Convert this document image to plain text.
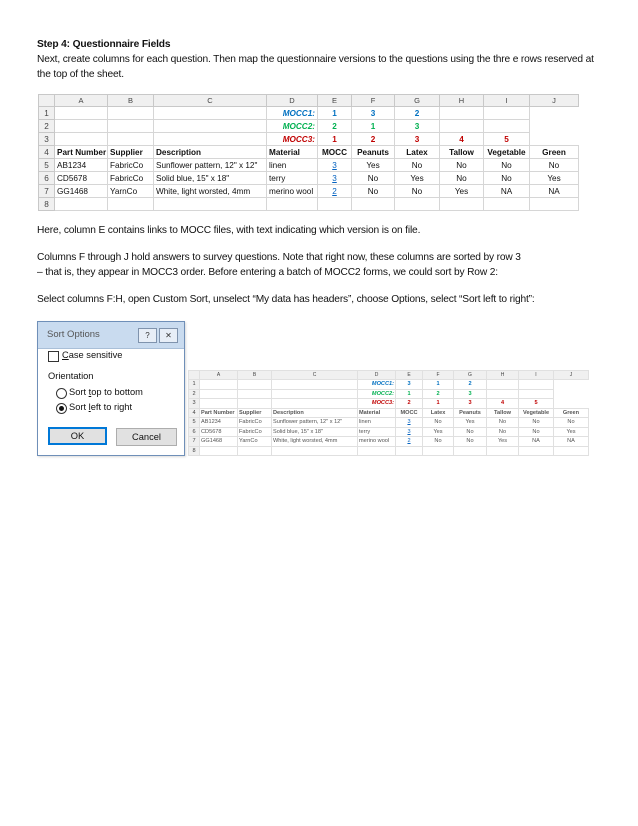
Step 4: Questionnaire Fields
Next, create columns for each question. Then map the questionnaire versions to the questions using the thre e rows reserved at the top of the sheet.
	A	B	C	D	E	F	G	H	I	J
1				MOCC1:	1	3	2			
2				MOCC2:	2	1	3			
3				MOCC3:	1	2	3	4	5	
4	Part Number	Supplier	Description	Material	MOCC	Peanuts	Latex	Tallow	Vegetable	Green
5	AB1234	FabricCo	Sunflower pattern, 12" x 12"	linen	3	Yes	No	No	No	No
6	CD5678	FabricCo	Solid blue, 15" x 18"	terry	3	No	Yes	No	No	Yes
7	GG1468	YarnCo	White, light worsted, 4mm	merino wool	2	No	No	Yes	NA	NA
8										
Here, column E contains links to MOCC files, with text indicating which version is on file.
Columns F through J hold answers to survey questions. Note that right now, these columns are sorted by row 3
– that is, they appear in MOCC3 order. Before entering a batch of MOCC2 forms, we could sort by Row 2:
Select columns F:H, open Custom Sort, unselect “My data has headers”, choose Options, select “Sort left to right”:
Sort Options	?	✕
Case sensitive
Orientation
Sort top to bottom
Sort left to right
OK	Cancel
	A	B	C	D	E	F	G	H	I	J
1				MOCC1:	3	1	2			
2				MOCC2:	1	2	3			
3				MOCC3:	2	1	3	4	5	
4	Part Number	Supplier	Description	Material	MOCC	Latex	Peanuts	Tallow	Vegetable	Green
5	AB1234	FabricCo	Sunflower pattern, 12" x 12"	linen	3	No	Yes	No	No	No
6	CD5678	FabricCo	Solid blue, 15" x 18"	terry	3	Yes	No	No	No	Yes
7	GG1468	YarnCo	White, light worsted, 4mm	merino wool	2	No	No	Yes	NA	NA
8										
